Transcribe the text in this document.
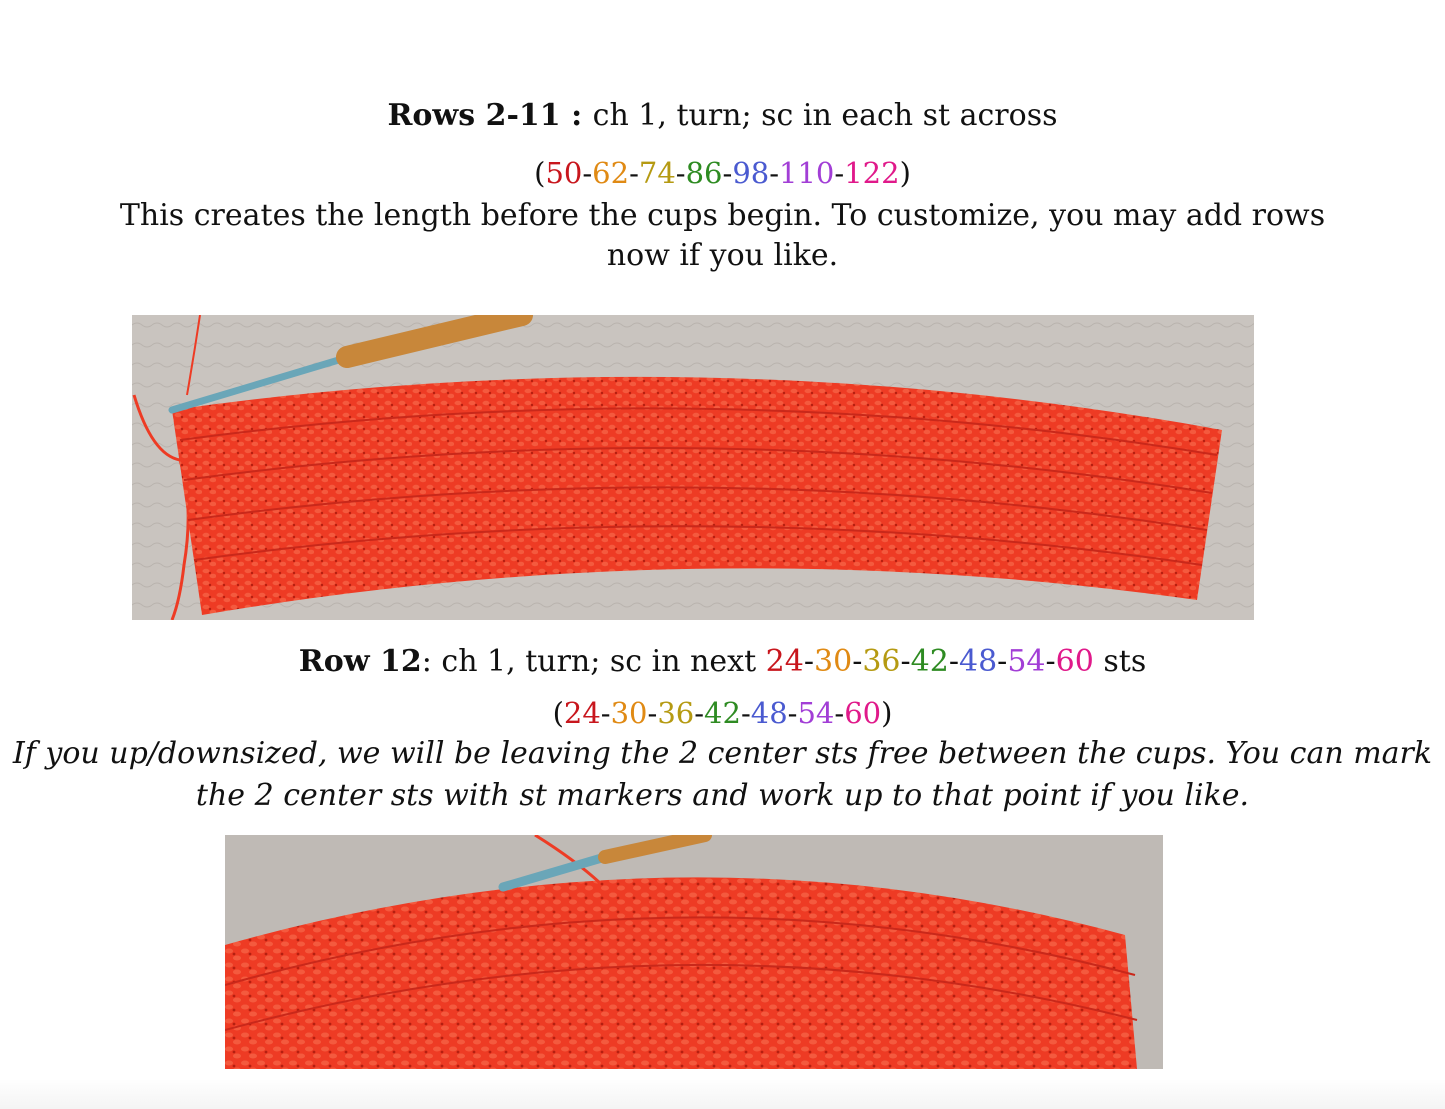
Rows 2-11 : ch 1, turn; sc in each st across
(50-62-74-86-98-110-122)
This creates the length before the cups begin. To customize, you may add rows
now if you like.
Row 12: ch 1, turn; sc in next 24-30-36-42-48-54-60 sts
(24-30-36-42-48-54-60)
If you up/downsized, we will be leaving the 2 center sts free between the cups. You can mark
the 2 center sts with st markers and work up to that point if you like.
